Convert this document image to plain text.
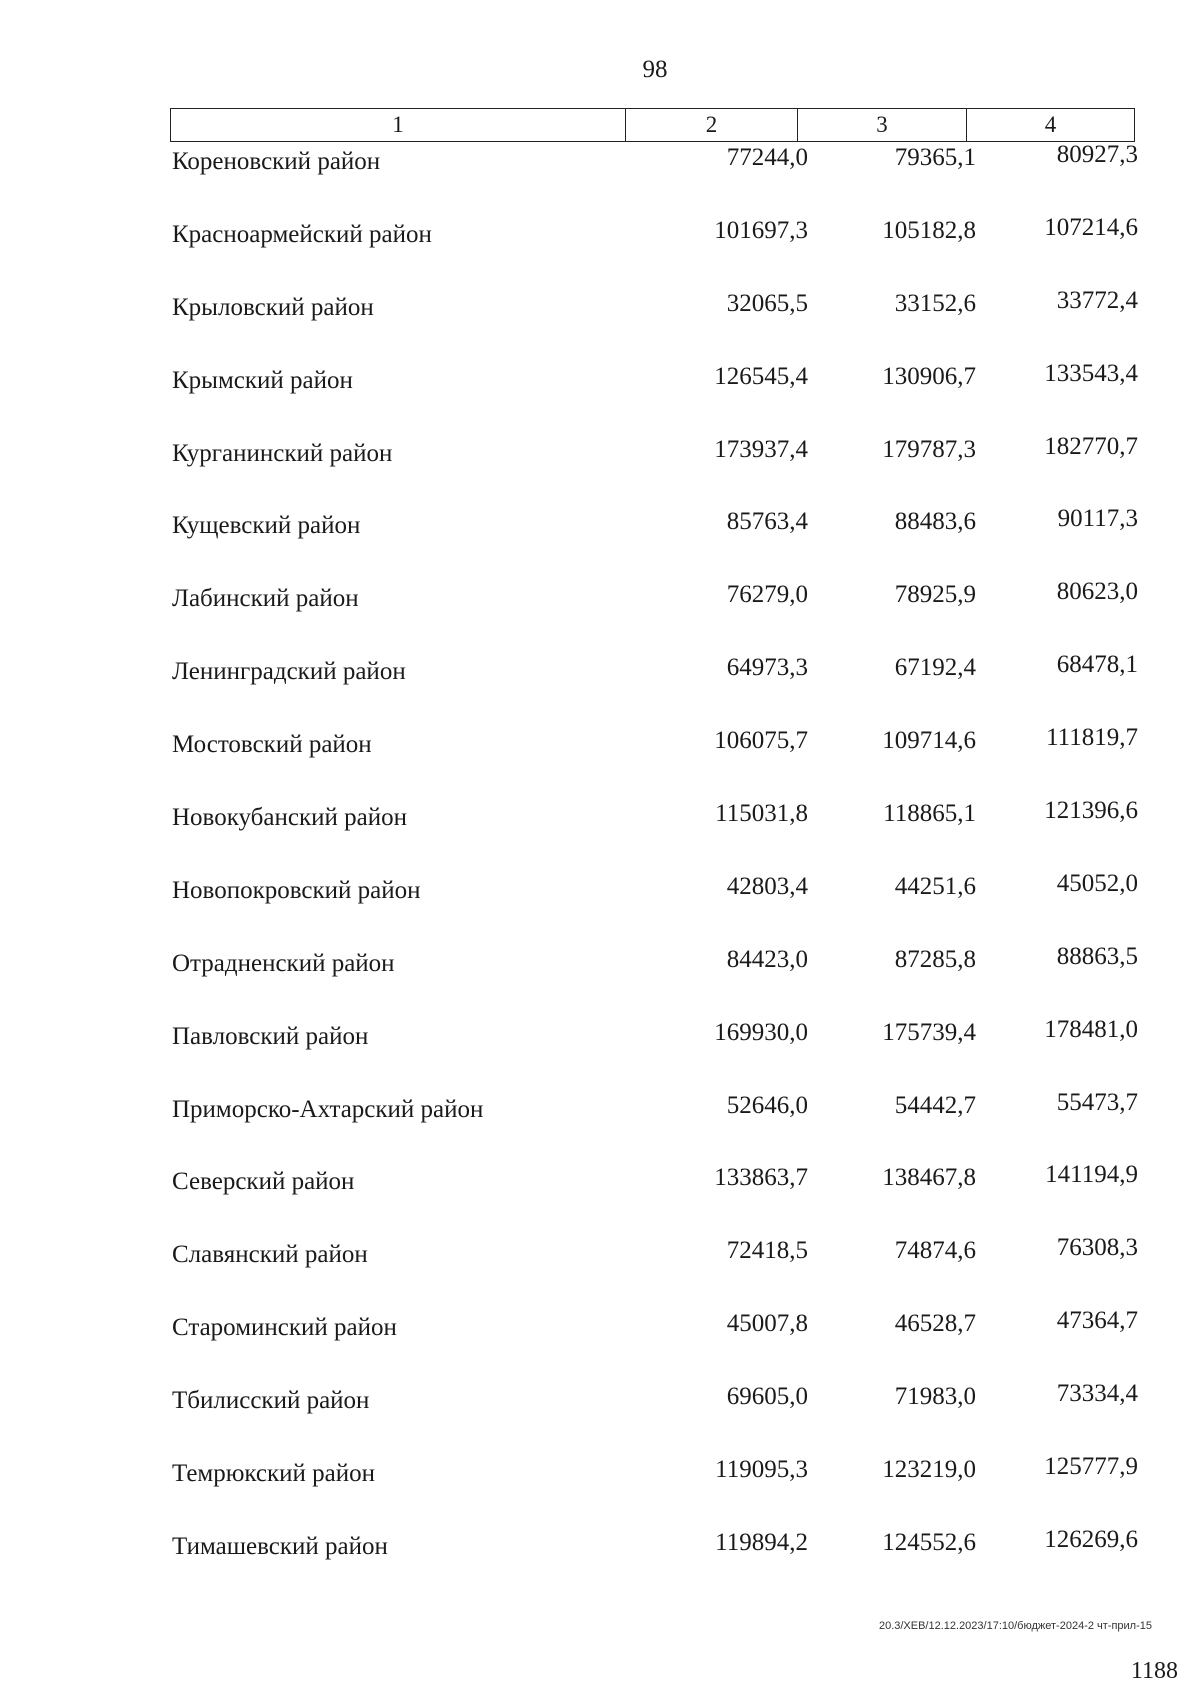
98
1	2	3	4
Кореновский район	77244,0	79365,1	80927,3
Красноармейский район	101697,3	105182,8	107214,6
Крыловский район	32065,5	33152,6	33772,4
Крымский район	126545,4	130906,7	133543,4
Курганинский район	173937,4	179787,3	182770,7
Кущевский район	85763,4	88483,6	90117,3
Лабинский район	76279,0	78925,9	80623,0
Ленинградский район	64973,3	67192,4	68478,1
Мостовский район	106075,7	109714,6	111819,7
Новокубанский район	115031,8	118865,1	121396,6
Новопокровский район	42803,4	44251,6	45052,0
Отрадненский район	84423,0	87285,8	88863,5
Павловский район	169930,0	175739,4	178481,0
Приморско-Ахтарский район	52646,0	54442,7	55473,7
Северский район	133863,7	138467,8	141194,9
Славянский район	72418,5	74874,6	76308,3
Староминский район	45007,8	46528,7	47364,7
Тбилисский район	69605,0	71983,0	73334,4
Темрюкский район	119095,3	123219,0	125777,9
Тимашевский район	119894,2	124552,6	126269,6
20.3/ХЕВ/12.12.2023/17:10/бюджет-2024-2 чт-прил-15
1188
